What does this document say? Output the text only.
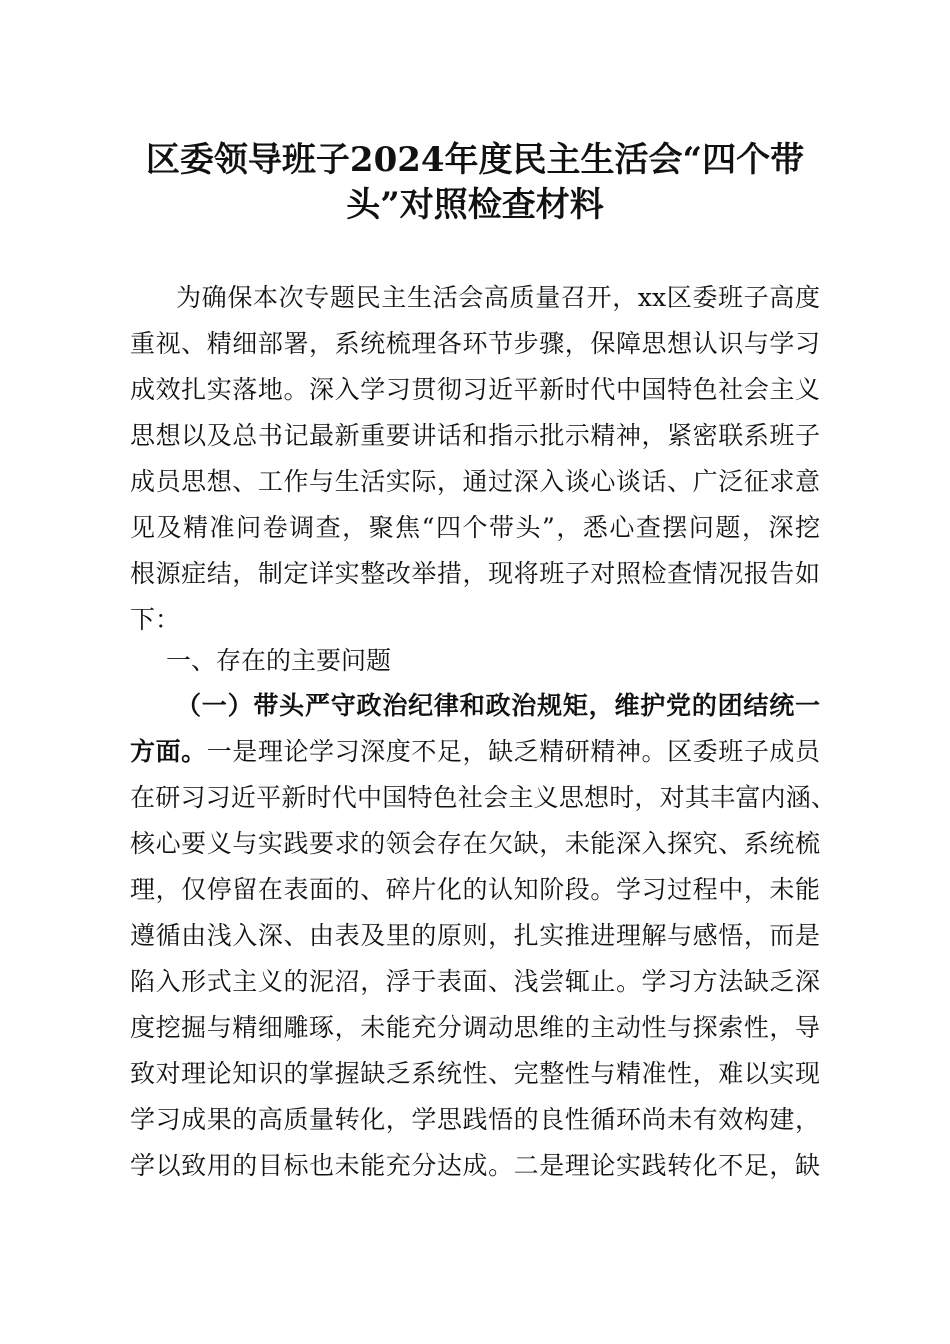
区委领导班子2024年度民主生活会“四个带
头”对照检查材料
为确保本次专题民主生活会高质量召开，xx区委班子高度
重视、精细部署，系统梳理各环节步骤，保障思想认识与学习
成效扎实落地。深入学习贯彻习近平新时代中国特色社会主义
思想以及总书记最新重要讲话和指示批示精神，紧密联系班子
成员思想、工作与生活实际，通过深入谈心谈话、广泛征求意
见及精准问卷调查，聚焦“四个带头”，悉心查摆问题，深挖
根源症结，制定详实整改举措，现将班子对照检查情况报告如
下：
一、存在的主要问题
（一）带头严守政治纪律和政治规矩，维护党的团结统一
方面。一是理论学习深度不足，缺乏精研精神。区委班子成员
在研习习近平新时代中国特色社会主义思想时，对其丰富内涵、
核心要义与实践要求的领会存在欠缺，未能深入探究、系统梳
理，仅停留在表面的、碎片化的认知阶段。学习过程中，未能
遵循由浅入深、由表及里的原则，扎实推进理解与感悟，而是
陷入形式主义的泥沼，浮于表面、浅尝辄止。学习方法缺乏深
度挖掘与精细雕琢，未能充分调动思维的主动性与探索性，导
致对理论知识的掌握缺乏系统性、完整性与精准性，难以实现
学习成果的高质量转化，学思践悟的良性循环尚未有效构建，
学以致用的目标也未能充分达成。二是理论实践转化不足，缺
